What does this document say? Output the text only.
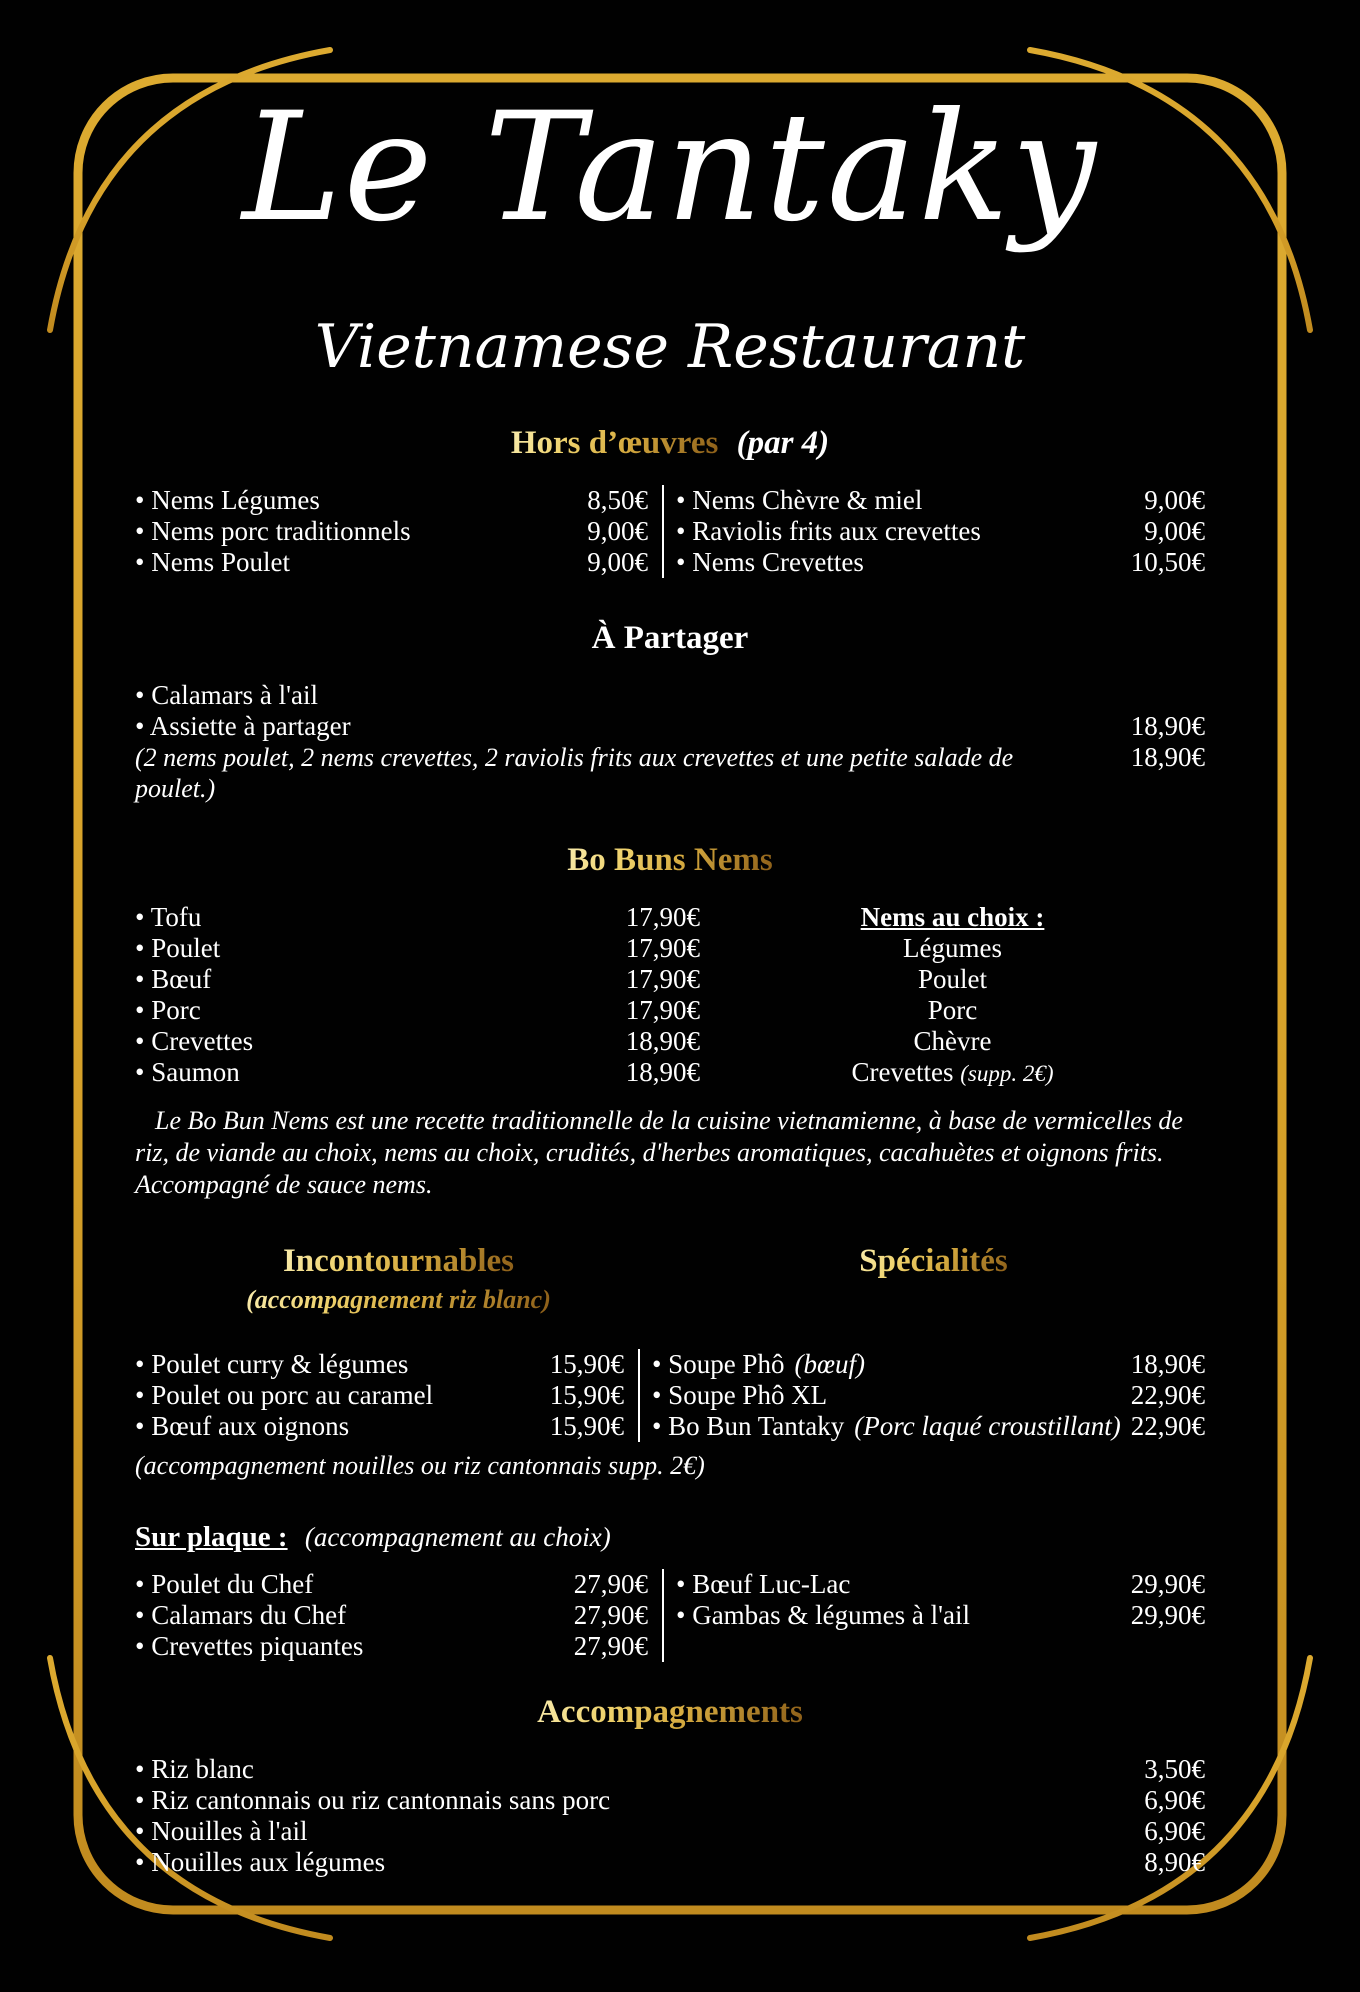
Le Tantaky
Vietnamese Restaurant
Hors d’œuvres (par 4)
• Nems Légumes	8,50€
• Nems porc traditionnels	9,00€
• Nems Poulet	9,00€
• Nems Chèvre & miel	9,00€
• Raviolis frits aux crevettes	9,00€
• Nems Crevettes	10,50€
À Partager
• Calamars à l'ail
• Assiette à partager	18,90€
(2 nems poulet, 2 nems crevettes, 2 raviolis frits aux crevettes et une petite salade de	18,90€
poulet.)
Bo Buns Nems
• Tofu	17,90€
• Poulet	17,90€
• Bœuf	17,90€
• Porc	17,90€
• Crevettes	18,90€
• Saumon	18,90€
Nems au choix :
Légumes
Poulet
Porc
Chèvre
Crevettes (supp. 2€)

Le Bo Bun Nems est une recette traditionnelle de la cuisine vietnamienne, à base de vermicelles de riz, de viande au choix, nems au choix, crudités, d'herbes aromatiques, cacahuètes et oignons frits.

Accompagné de sauce nems.

Incontournables
(accompagnement riz blanc)
Spécialités
• Poulet curry & légumes	15,90€
• Poulet ou porc au caramel	15,90€
• Bœuf aux oignons	15,90€
• Soupe Phô (bœuf)	18,90€
• Soupe Phô XL	22,90€
• Bo Bun Tantaky (Porc laqué croustillant) 22,90€
(accompagnement nouilles ou riz cantonnais supp. 2€)
Sur plaque : (accompagnement au choix)
• Poulet du Chef	27,90€
• Calamars du Chef	27,90€
• Crevettes piquantes	27,90€
• Bœuf Luc-Lac	29,90€
• Gambas & légumes à l'ail	29,90€
Accompagnements
• Riz blanc	3,50€
• Riz cantonnais ou riz cantonnais sans porc	6,90€
• Nouilles à l'ail	6,90€
• Nouilles aux légumes	8,90€
